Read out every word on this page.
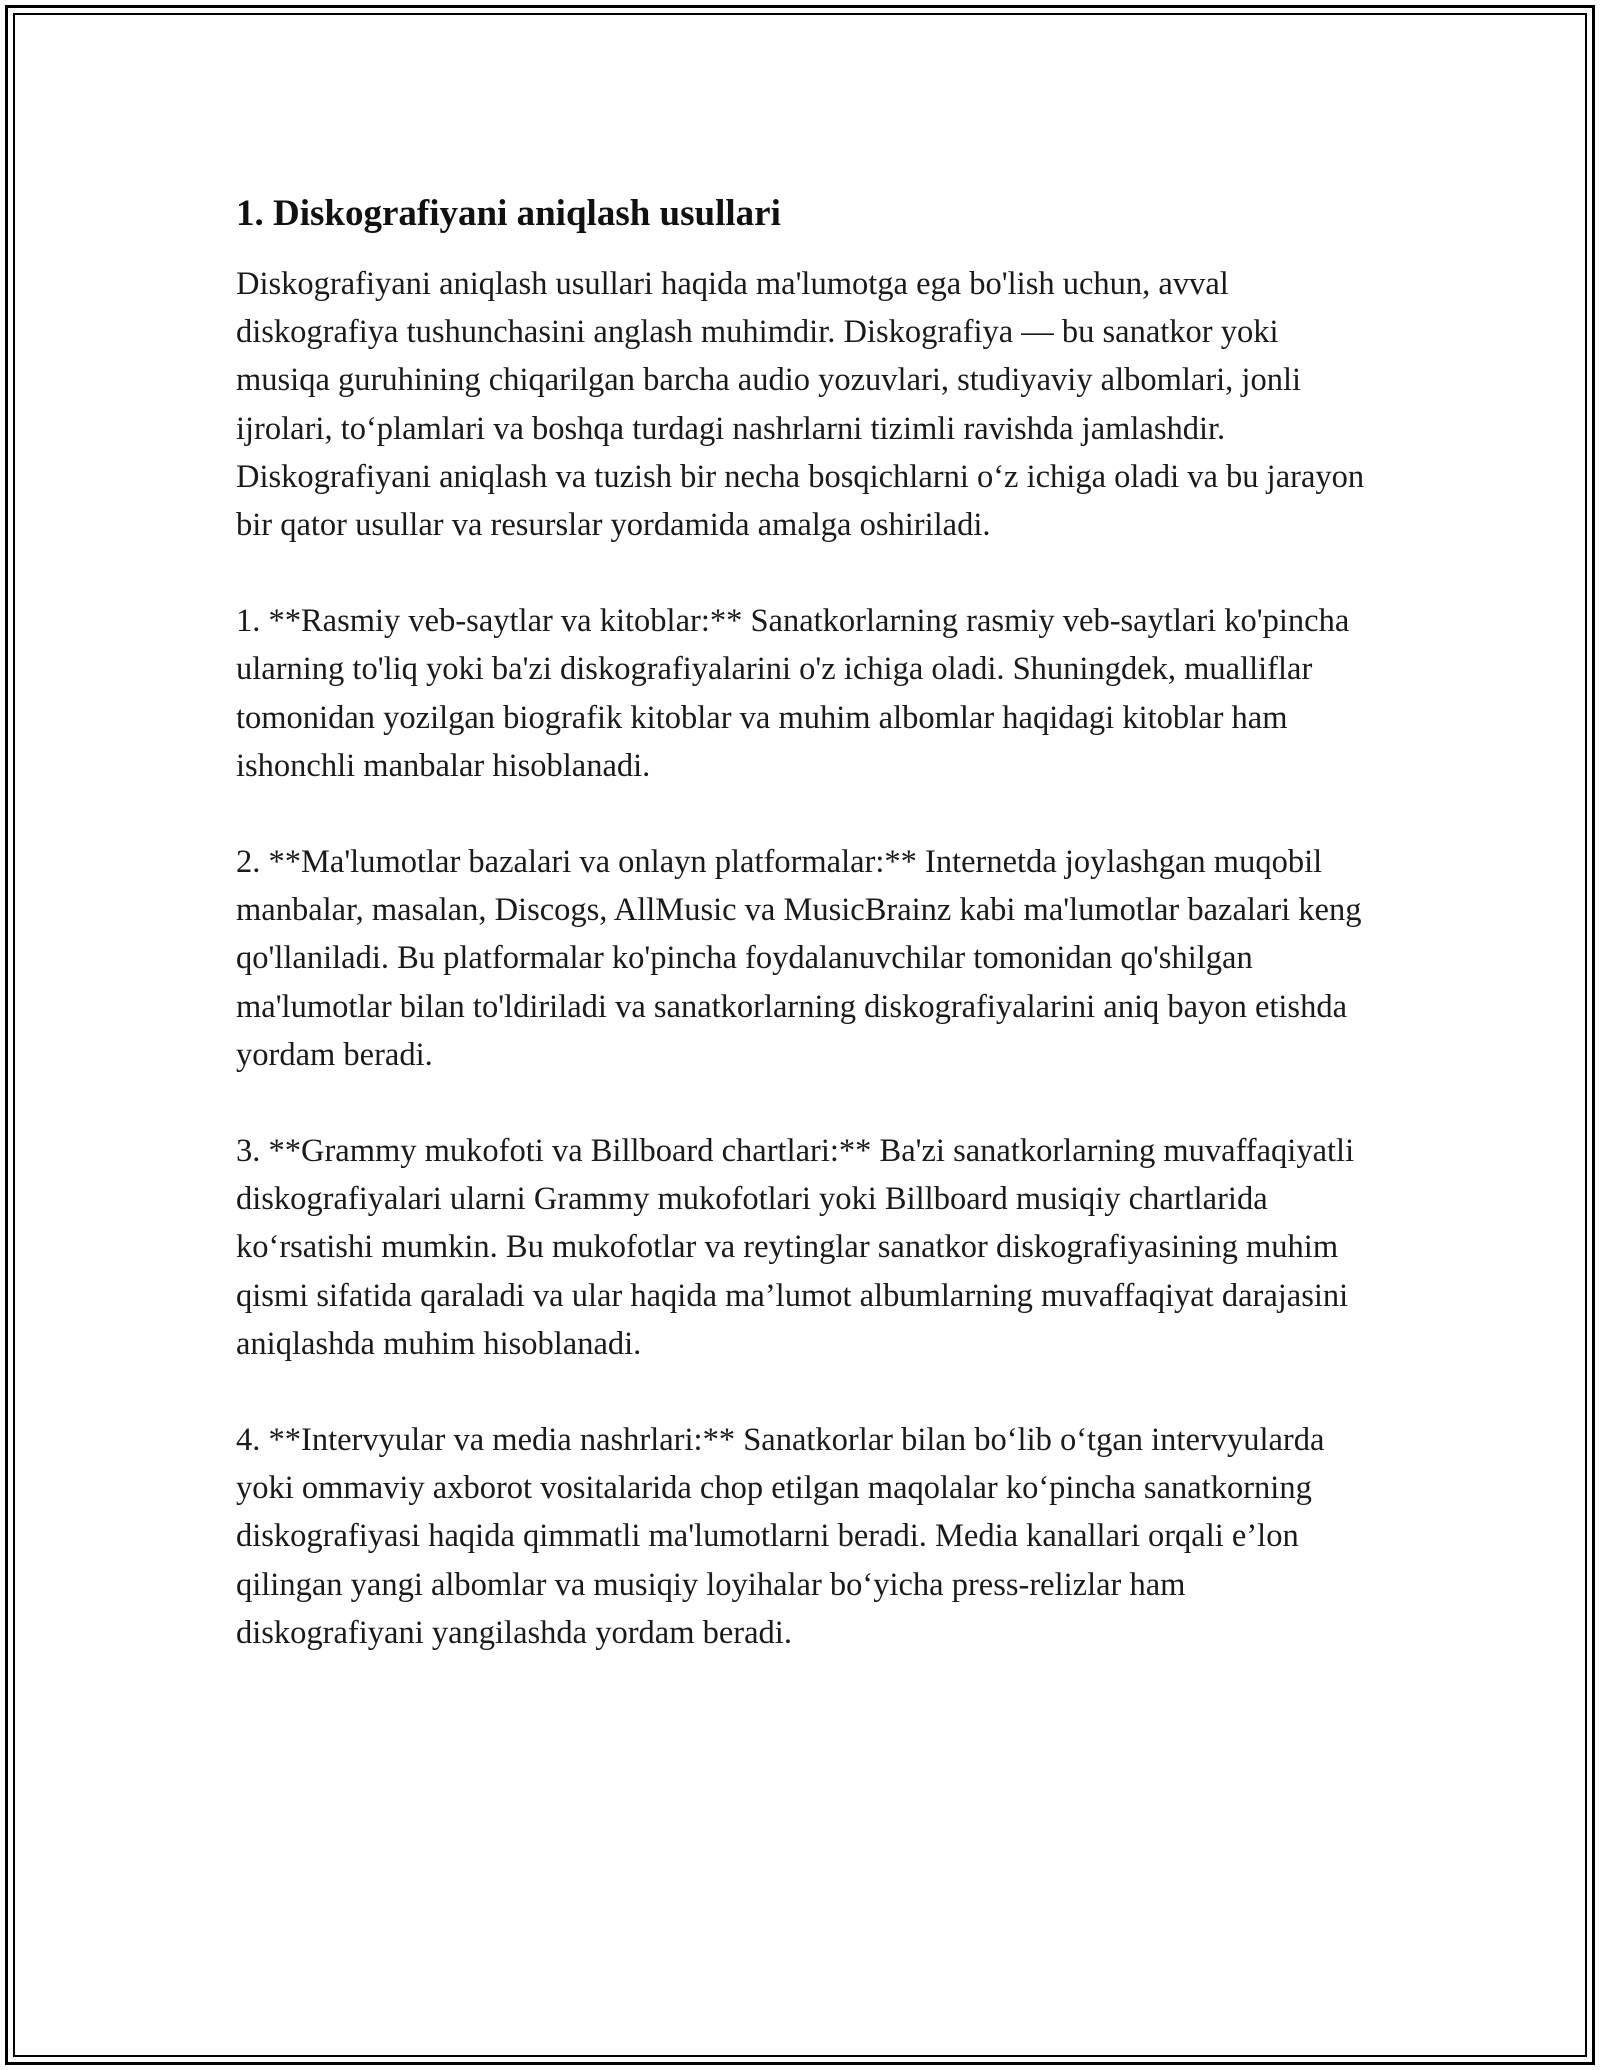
1. Diskografiyani aniqlash usullari

Diskografiyani aniqlash usullari haqida ma'lumotga ega bo'lish uchun, avval diskografiya tushunchasini anglash muhimdir. Diskografiya — bu sanatkor yoki musiqa guruhining chiqarilgan barcha audio yozuvlari, studiyaviy albomlari, jonli ijrolari, to‘plamlari va boshqa turdagi nashrlarni tizimli ravishda jamlashdir. Diskografiyani aniqlash va tuzish bir necha bosqichlarni o‘z ichiga oladi va bu jarayon bir qator usullar va resurslar yordamida amalga oshiriladi.

1. **Rasmiy veb-saytlar va kitoblar:** Sanatkorlarning rasmiy veb-saytlari ko'pincha ularning to'liq yoki ba'zi diskografiyalarini o'z ichiga oladi. Shuningdek, mualliflar tomonidan yozilgan biografik kitoblar va muhim albomlar haqidagi kitoblar ham ishonchli manbalar hisoblanadi.

2. **Ma'lumotlar bazalari va onlayn platformalar:** Internetda joylashgan muqobil manbalar, masalan, Discogs, AllMusic va MusicBrainz kabi ma'lumotlar bazalari keng qo'llaniladi. Bu platformalar ko'pincha foydalanuvchilar tomonidan qo'shilgan ma'lumotlar bilan to'ldiriladi va sanatkorlarning diskografiyalarini aniq bayon etishda yordam beradi.

3. **Grammy mukofoti va Billboard chartlari:** Ba'zi sanatkorlarning muvaffaqiyatli diskografiyalari ularni Grammy mukofotlari yoki Billboard musiqiy chartlarida ko‘rsatishi mumkin. Bu mukofotlar va reytinglar sanatkor diskografiyasining muhim qismi sifatida qaraladi va ular haqida ma’lumot albumlarning muvaffaqiyat darajasini aniqlashda muhim hisoblanadi.

4. **Intervyular va media nashrlari:** Sanatkorlar bilan bo‘lib o‘tgan intervyularda yoki ommaviy axborot vositalarida chop etilgan maqolalar ko‘pincha sanatkorning diskografiyasi haqida qimmatli ma'lumotlarni beradi. Media kanallari orqali e’lon qilingan yangi albomlar va musiqiy loyihalar bo‘yicha press-relizlar ham diskografiyani yangilashda yordam beradi.
